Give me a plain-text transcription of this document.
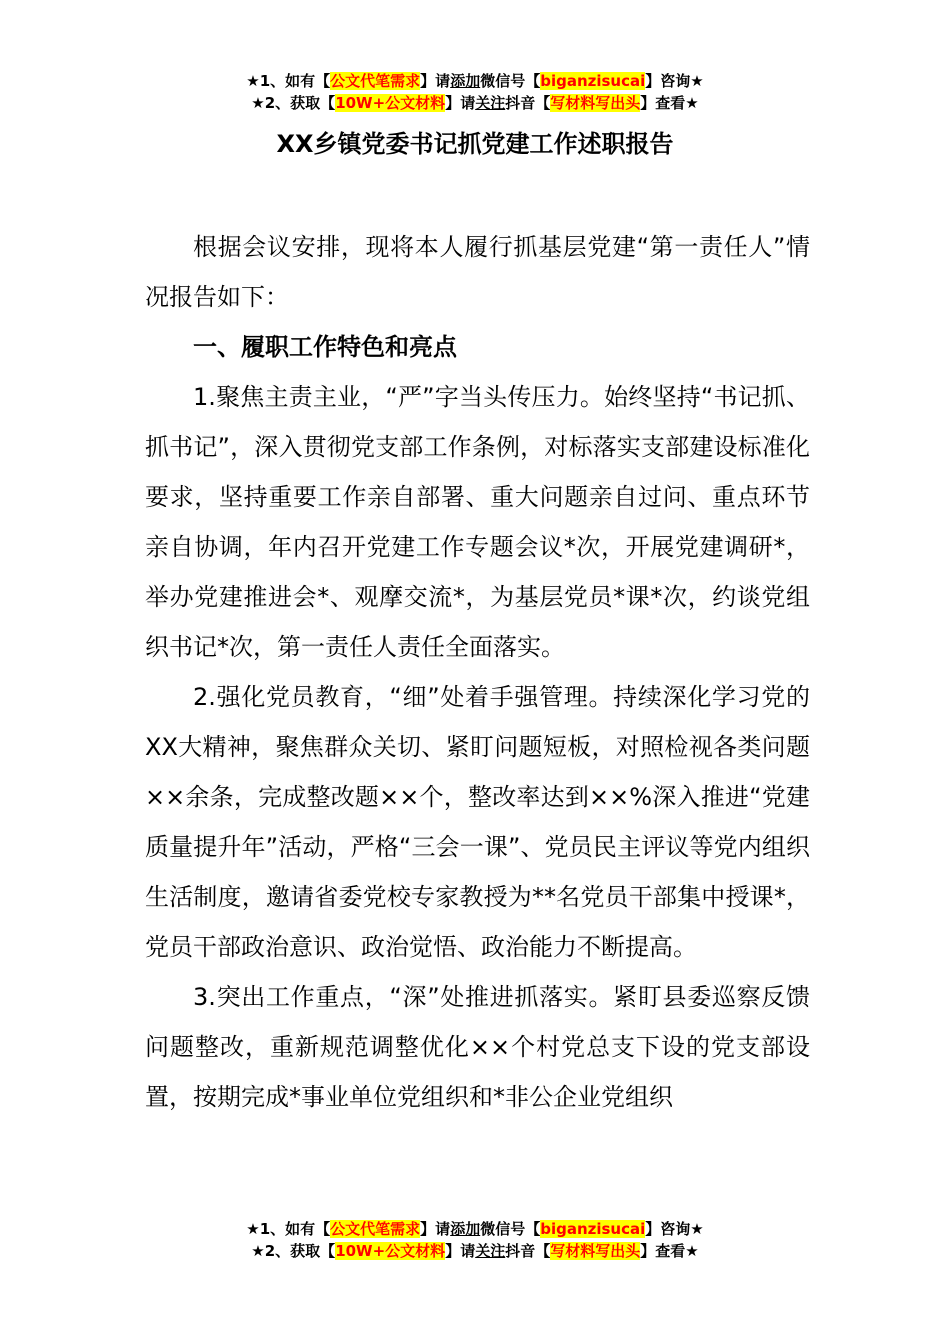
★1、如有【公文代笔需求】请添加微信号【biganzisucai】咨询★
★2、获取【10W+公文材料】请关注抖音【写材料写出头】查看★
XX乡镇党委书记抓党建工作述职报告

根据会议安排，现将本人履行抓基层党建“第一责任人”情况报告如下：

一、履职工作特色和亮点

1.聚焦主责主业，“严”字当头传压力。始终坚持“书记抓、抓书记”，深入贯彻党支部工作条例，对标落实支部建设标准化要求，坚持重要工作亲自部署、重大问题亲自过问、重点环节亲自协调，年内召开党建工作专题会议*次，开展党建调研*，举办党建推进会*、观摩交流*，为基层党员*课*次，约谈党组织书记*次，第一责任人责任全面落实。

2.强化党员教育，“细”处着手强管理。持续深化学习党的XX大精神，聚焦群众关切、紧盯问题短板，对照检视各类问题××余条，完成整改题××个，整改率达到××%深入推进“党建质量提升年”活动，严格“三会一课”、党员民主评议等党内组织生活制度，邀请省委党校专家教授为**名党员干部集中授课*，党员干部政治意识、政治觉悟、政治能力不断提高。

3.突出工作重点，“深”处推进抓落实。紧盯县委巡察反馈问题整改，重新规范调整优化××个村党总支下设的党支部设置，按期完成*事业单位党组织和*非公企业党组织

★1、如有【公文代笔需求】请添加微信号【biganzisucai】咨询★
★2、获取【10W+公文材料】请关注抖音【写材料写出头】查看★
